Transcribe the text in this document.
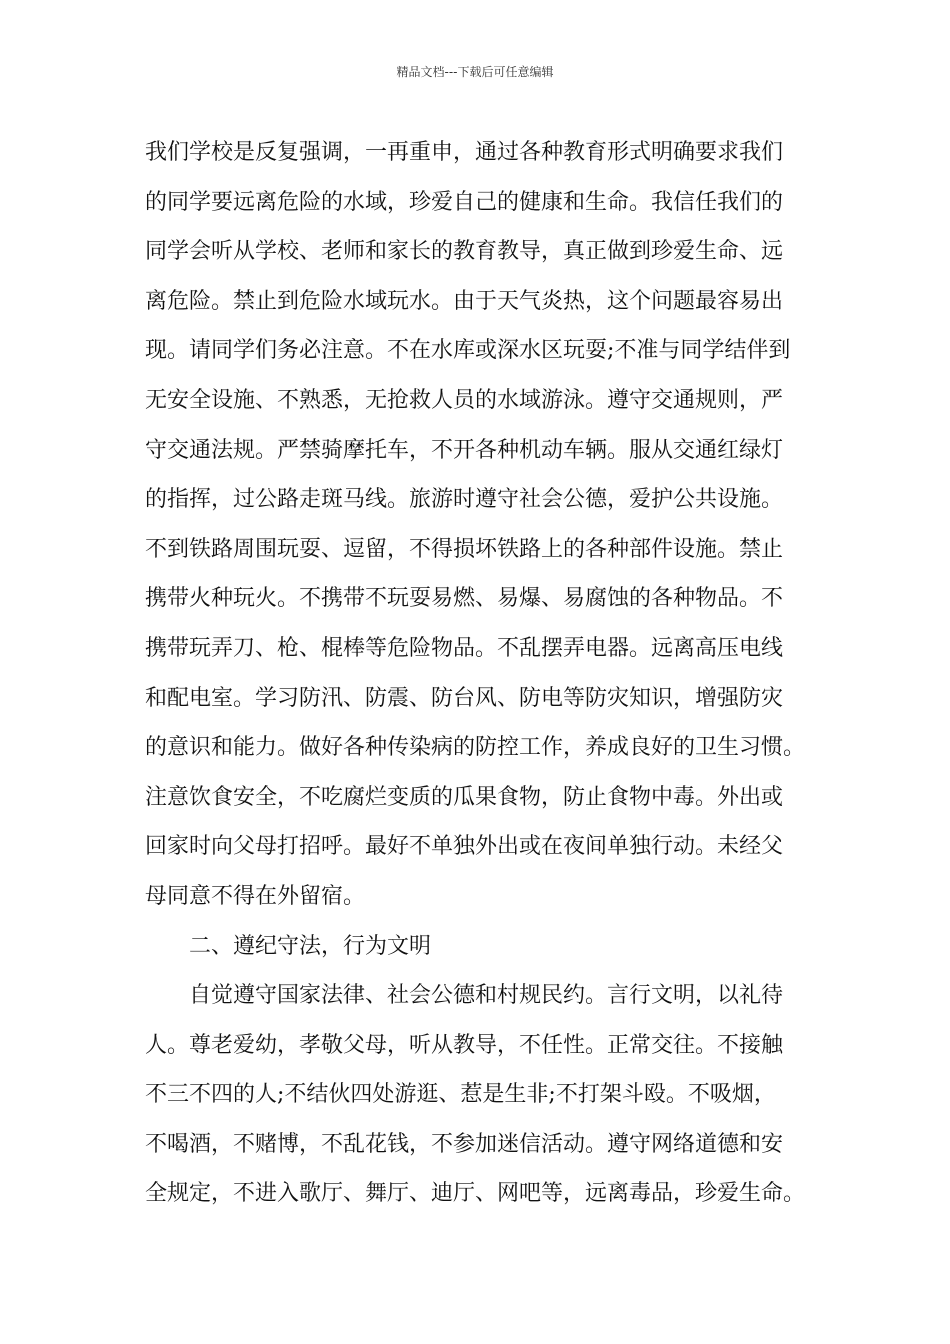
精品文档---下载后可任意编辑
我们学校是反复强调，一再重申，通过各种教育形式明确要求我们
的同学要远离危险的水域，珍爱自己的健康和生命。我信任我们的
同学会听从学校、老师和家长的教育教导，真正做到珍爱生命、远
离危险。禁止到危险水域玩水。由于天气炎热，这个问题最容易出
现。请同学们务必注意。不在水库或深水区玩耍;不准与同学结伴到
无安全设施、不熟悉，无抢救人员的水域游泳。遵守交通规则，严
守交通法规。严禁骑摩托车，不开各种机动车辆。服从交通红绿灯
的指挥，过公路走斑马线。旅游时遵守社会公德，爱护公共设施。
不到铁路周围玩耍、逗留，不得损坏铁路上的各种部件设施。禁止
携带火种玩火。不携带不玩耍易燃、易爆、易腐蚀的各种物品。不
携带玩弄刀、枪、棍棒等危险物品。不乱摆弄电器。远离高压电线
和配电室。学习防汛、防震、防台风、防电等防灾知识，增强防灾
的意识和能力。做好各种传染病的防控工作，养成良好的卫生习惯。
注意饮食安全，不吃腐烂变质的瓜果食物，防止食物中毒。外出或
回家时向父母打招呼。最好不单独外出或在夜间单独行动。未经父
母同意不得在外留宿。
二、遵纪守法，行为文明
自觉遵守国家法律、社会公德和村规民约。言行文明，以礼待
人。尊老爱幼，孝敬父母，听从教导，不任性。正常交往。不接触
不三不四的人;不结伙四处游逛、惹是生非;不打架斗殴。不吸烟，
不喝酒，不赌博，不乱花钱，不参加迷信活动。遵守网络道德和安
全规定，不进入歌厅、舞厅、迪厅、网吧等，远离毒品，珍爱生命。
